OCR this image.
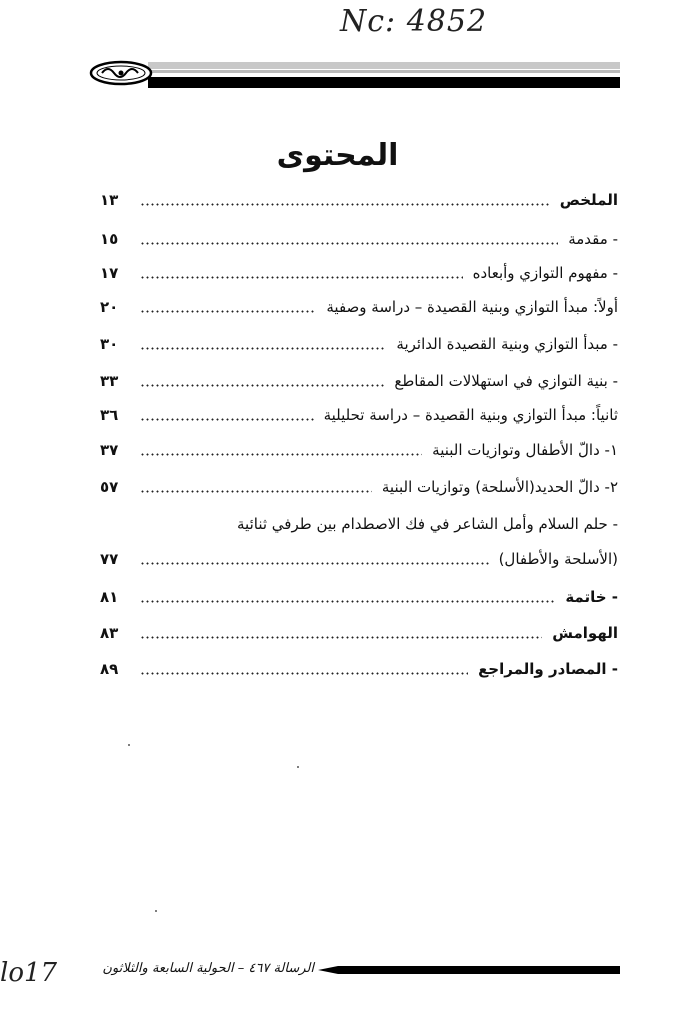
Nc: 4852
المحتوى
الملخص
١٣
- مقدمة
١٥
- مفهوم التوازي وأبعاده
١٧
أولاً: مبدأ التوازي وبنية القصيدة – دراسة وصفية
٢٠
- مبدأ التوازي وبنية القصيدة الدائرية
٣٠
- بنية التوازي في استهلالات المقاطع
٣٣
ثانياً: مبدأ التوازي وبنية القصيدة – دراسة تحليلية
٣٦
١- دالّ الأطفال وتوازيات البنية
٣٧
٢- دالّ الحديد(الأسلحة) وتوازيات البنية
٥٧
- حلم السلام وأمل الشاعر في فك الاصطدام بين طرفي ثنائية
(الأسلحة والأطفال)
٧٧
- خاتمة
٨١
الهوامش
٨٣
- المصادر والمراجع
٨٩
lo17	الرسالة ٤٦٧ – الحولية السابعة والثلاثون
